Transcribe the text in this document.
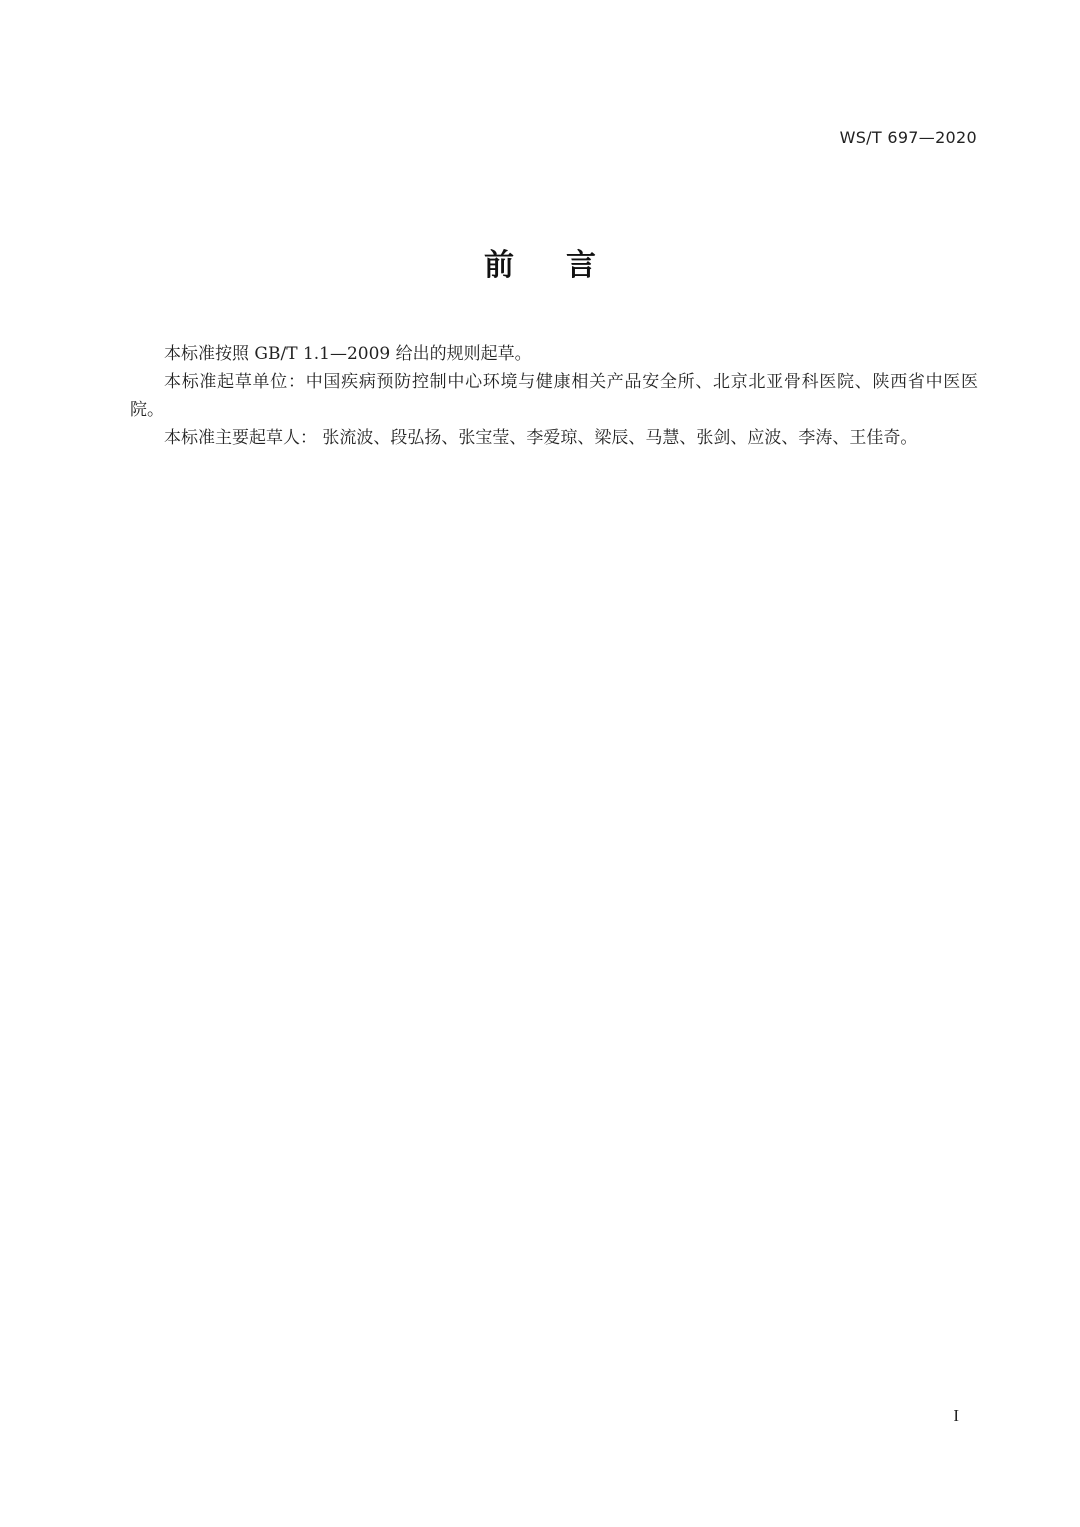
WS/T 697—2020
前言

本标准按照 GB/T 1.1—2009 给出的规则起草。

本标准起草单位：中国疾病预防控制中心环境与健康相关产品安全所、北京北亚骨科医院、陕西省中医医院。

本标准主要起草人： 张流波、段弘扬、张宝莹、李爱琼、梁辰、马慧、张剑、应波、李涛、王佳奇。

I
